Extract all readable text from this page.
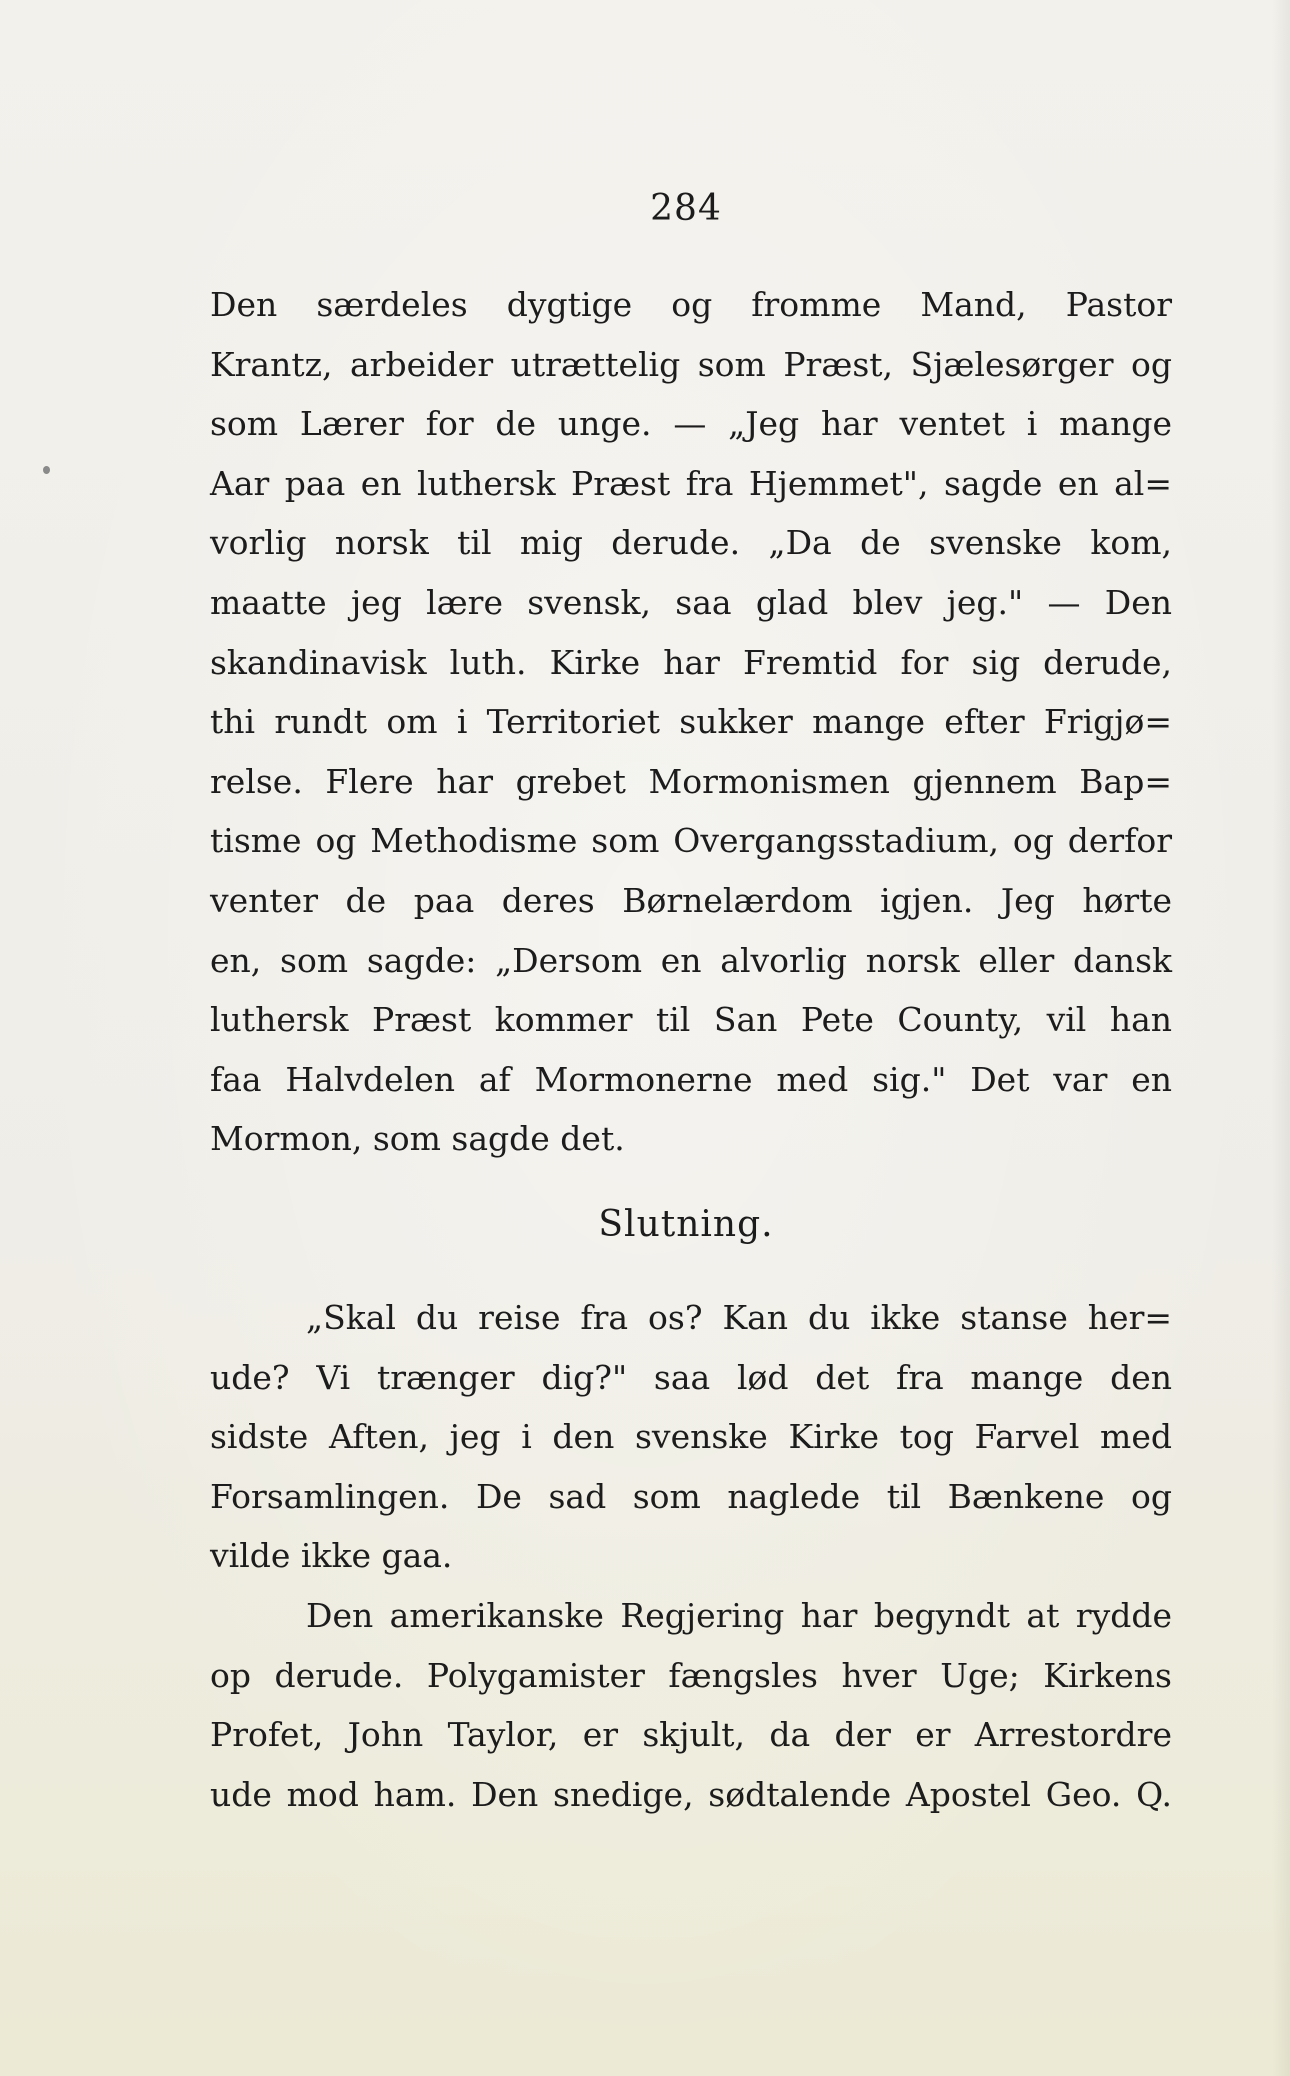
284
Den særdeles dygtige og fromme Mand, Pastor
Krantz, arbeider utrættelig som Præst, Sjælesørger og
som Lærer for de unge. — „Jeg har ventet i mange
Aar paa en luthersk Præst fra Hjemmet", sagde en al=
vorlig norsk til mig derude. „Da de svenske kom,
maatte jeg lære svensk, saa glad blev jeg." — Den
skandinavisk luth. Kirke har Fremtid for sig derude,
thi rundt om i Territoriet sukker mange efter Frigjø=
relse. Flere har grebet Mormonismen gjennem Bap=
tisme og Methodisme som Overgangsstadium, og derfor
venter de paa deres Børnelærdom igjen. Jeg hørte
en, som sagde: „Dersom en alvorlig norsk eller dansk
luthersk Præst kommer til San Pete County, vil han
faa Halvdelen af Mormonerne med sig." Det var en
Mormon, som sagde det.
Slutning.
„Skal du reise fra os? Kan du ikke stanse her=
ude? Vi trænger dig?" saa lød det fra mange den
sidste Aften, jeg i den svenske Kirke tog Farvel med
Forsamlingen. De sad som naglede til Bænkene og
vilde ikke gaa.
Den amerikanske Regjering har begyndt at rydde
op derude. Polygamister fængsles hver Uge; Kirkens
Profet, John Taylor, er skjult, da der er Arrestordre
ude mod ham. Den snedige, sødtalende Apostel Geo. Q.
